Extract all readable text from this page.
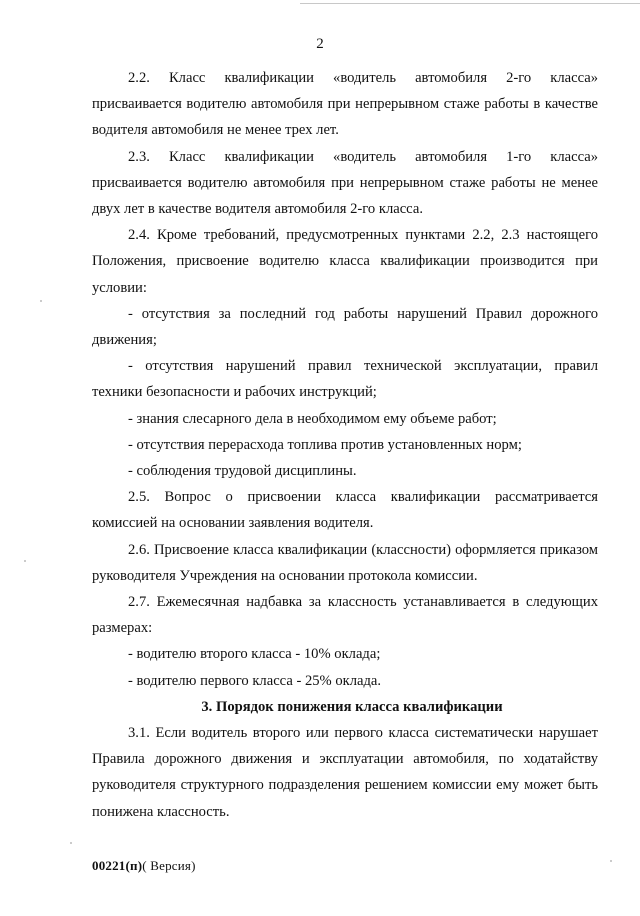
2

2.2. Класс квалификации «водитель автомобиля 2-го класса» присваивается водителю автомобиля при непрерывном стаже работы в качестве водителя автомобиля не менее трех лет.

2.3. Класс квалификации «водитель автомобиля 1-го класса» присваивается водителю автомобиля при непрерывном стаже работы не менее двух лет в качестве водителя автомобиля 2-го класса.

2.4. Кроме требований, предусмотренных пунктами 2.2, 2.3 настоящего Положения, присвоение водителю класса квалификации производится при условии:

- отсутствия за последний год работы нарушений Правил дорожного движения;

- отсутствия нарушений правил технической эксплуатации, правил техники безопасности и рабочих инструкций;

- знания слесарного дела в необходимом ему объеме работ;

- отсутствия перерасхода топлива против установленных норм;

- соблюдения трудовой дисциплины.

2.5. Вопрос о присвоении класса квалификации рассматривается комиссией на основании заявления водителя.

2.6. Присвоение класса квалификации (классности) оформляется приказом руководителя Учреждения на основании протокола комиссии.

2.7. Ежемесячная надбавка за классность устанавливается в следующих размерах:

- водителю второго класса - 10% оклада;

- водителю первого класса - 25% оклада.

3. Порядок понижения класса квалификации

3.1. Если водитель второго или первого класса систематически нарушает Правила дорожного движения и эксплуатации автомобиля, по ходатайству руководителя структурного подразделения решением комиссии ему может быть понижена классность.

00221(п)( Версия)
